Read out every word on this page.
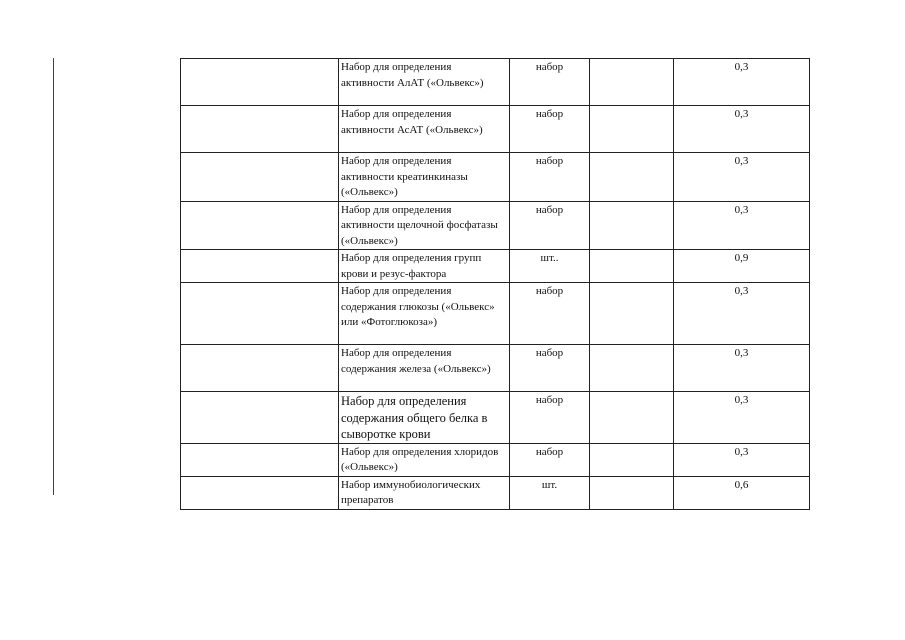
	Набор для определения активности АлАТ («Ольвекс»)	набор		0,3
	Набор для определения активности АсАТ («Ольвекс»)	набор		0,3
	Набор для определения активности креатинкиназы («Ольвекс»)	набор		0,3
	Набор для определения активности щелочной фосфатазы («Ольвекс»)	набор		0,3
	Набор для определения групп крови и резус-фактора	шт..		0,9
	Набор для определения содержания глюкозы («Ольвекс» или «Фотоглюкоза»)	набор		0,3
	Набор для определения содержания железа («Ольвекс»)	набор		0,3
	Набор для определения содержания общего белка в сыворотке крови	набор		0,3
	Набор для определения хлоридов («Ольвекс»)	набор		0,3
	Набор иммунобиологических препаратов	шт.		0,6
